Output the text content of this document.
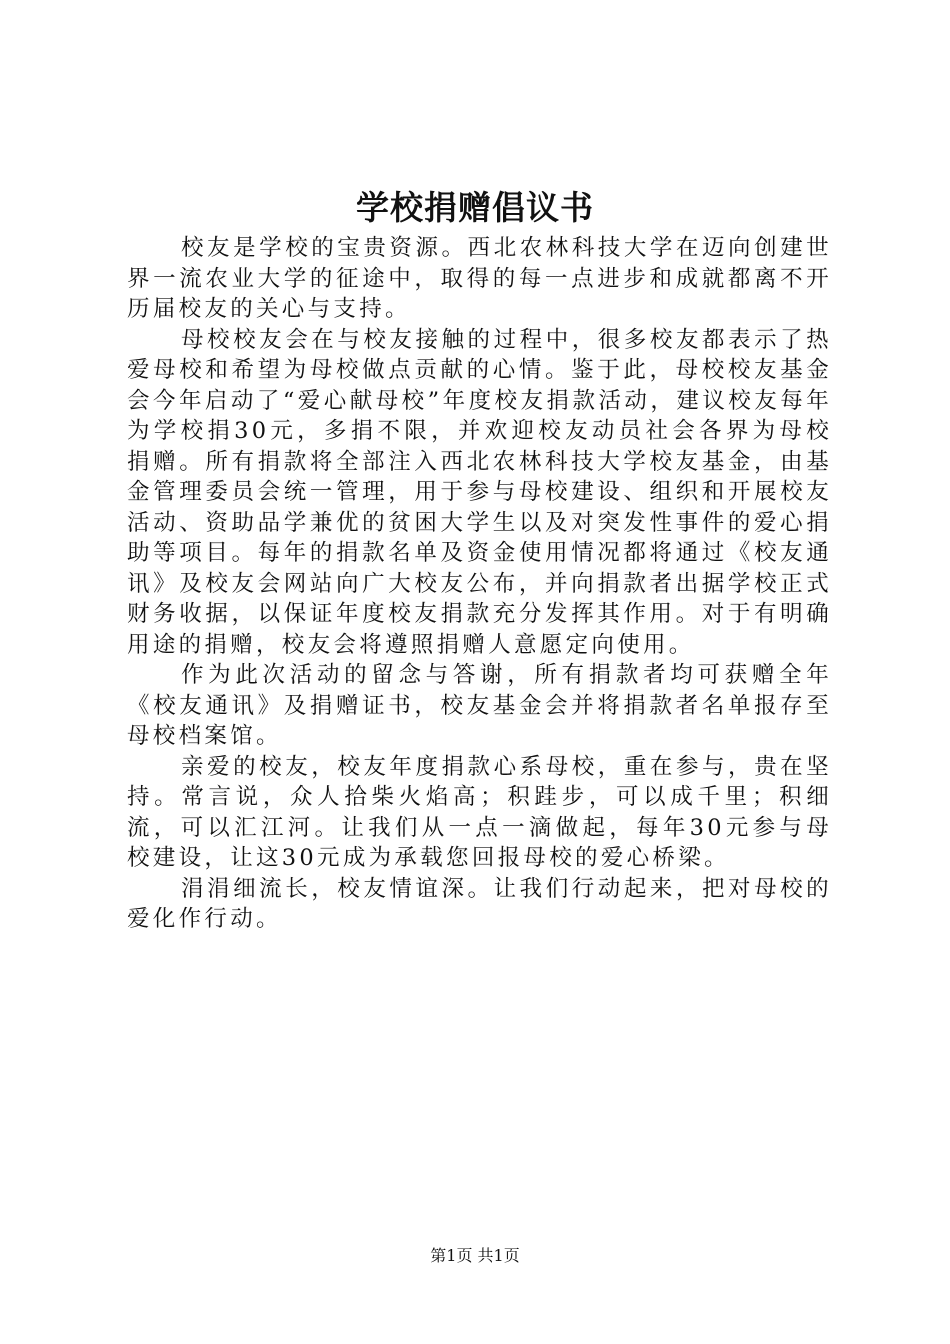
学校捐赠倡议书

校友是学校的宝贵资源。西北农林科技大学在迈向创建世界一流农业大学的征途中，取得的每一点进步和成就都离不开历届校友的关心与支持。

母校校友会在与校友接触的过程中，很多校友都表示了热爱母校和希望为母校做点贡献的心情。鉴于此，母校校友基金会今年启动了“爱心献母校”年度校友捐款活动，建议校友每年为学校捐30元，多捐不限，并欢迎校友动员社会各界为母校捐赠。所有捐款将全部注入西北农林科技大学校友基金，由基金管理委员会统一管理，用于参与母校建设、组织和开展校友活动、资助品学兼优的贫困大学生以及对突发性事件的爱心捐助等项目。每年的捐款名单及资金使用情况都将通过《校友通讯》及校友会网站向广大校友公布，并向捐款者出据学校正式财务收据，以保证年度校友捐款充分发挥其作用。对于有明确用途的捐赠，校友会将遵照捐赠人意愿定向使用。

作为此次活动的留念与答谢，所有捐款者均可获赠全年《校友通讯》及捐赠证书，校友基金会并将捐款者名单报存至母校档案馆。

亲爱的校友，校友年度捐款心系母校，重在参与，贵在坚持。常言说，众人拾柴火焰高；积跬步，可以成千里；积细流，可以汇江河。让我们从一点一滴做起，每年30元参与母校建设，让这30元成为承载您回报母校的爱心桥梁。

涓涓细流长，校友情谊深。让我们行动起来，把对母校的爱化作行动。

第1页 共1页
